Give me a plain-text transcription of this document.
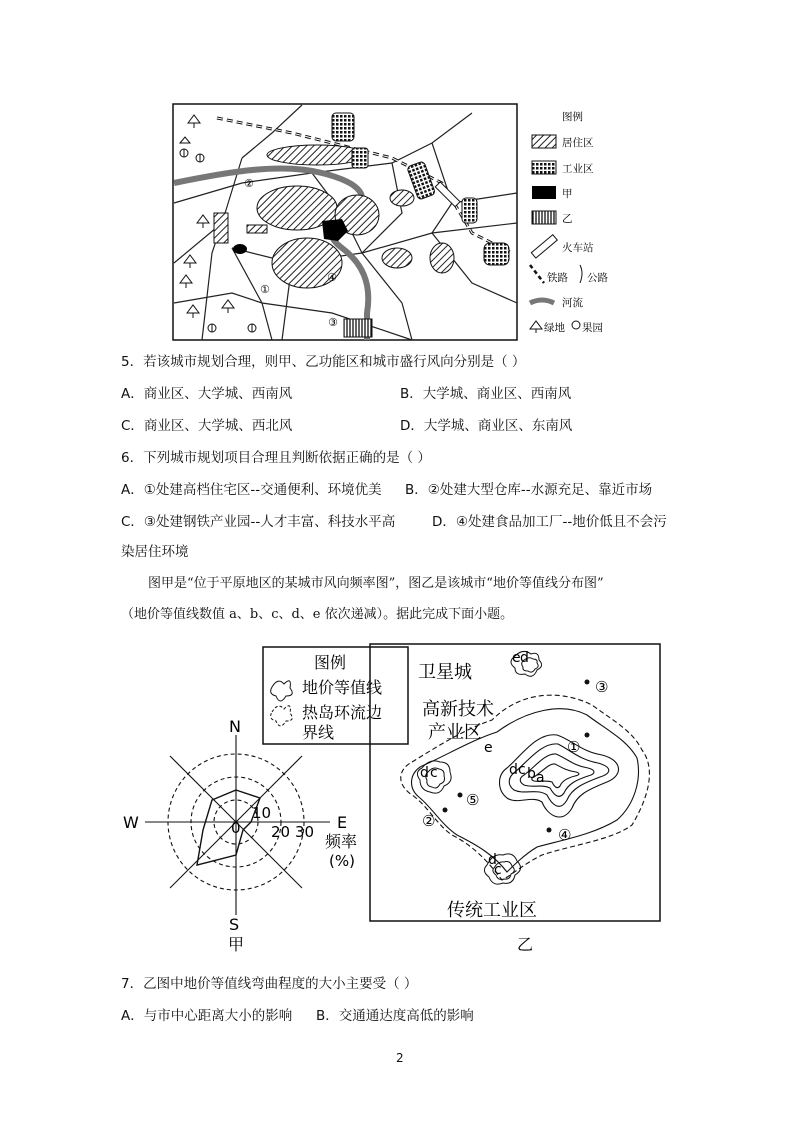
②
①
③
④
图例
居住区
工业区
甲
乙
火车站
铁路 公路
河流
绿地 果园
5．若该城市规划合理，则甲、乙功能区和城市盛行风向分别是（ ）
A．商业区、大学城、西南风	B．大学城、商业区、西南风
C．商业区、大学城、西北风	D．大学城、商业区、东南风
6．下列城市规划项目合理且判断依据正确的是（ ）
A．①处建高档住宅区--交通便利、环境优美 B．②处建大型仓库--水源充足、靠近市场
C．③处建钢铁产业园--人才丰富、科技水平高	D．④处建食品加工厂--地价低且不会污
染居住环境
图甲是“位于平原地区的某城市风向频率图”，图乙是该城市“地价等值线分布图”
（地价等值线数值 a、b、c、d、e 依次递减）。据此完成下面小题。
N
S
W	E
0
10
20 30 频率
(%)
甲
图例
地价等值线
热岛环流边
界线
e d
e
d c b a
d c
d
c
卫星城
高新技术
产业区
传统工业区
③
①
②
⑤
④
乙
7．乙图中地价等值线弯曲程度的大小主要受（ ）
A．与市中心距离大小的影响 B．交通通达度高低的影响
2
